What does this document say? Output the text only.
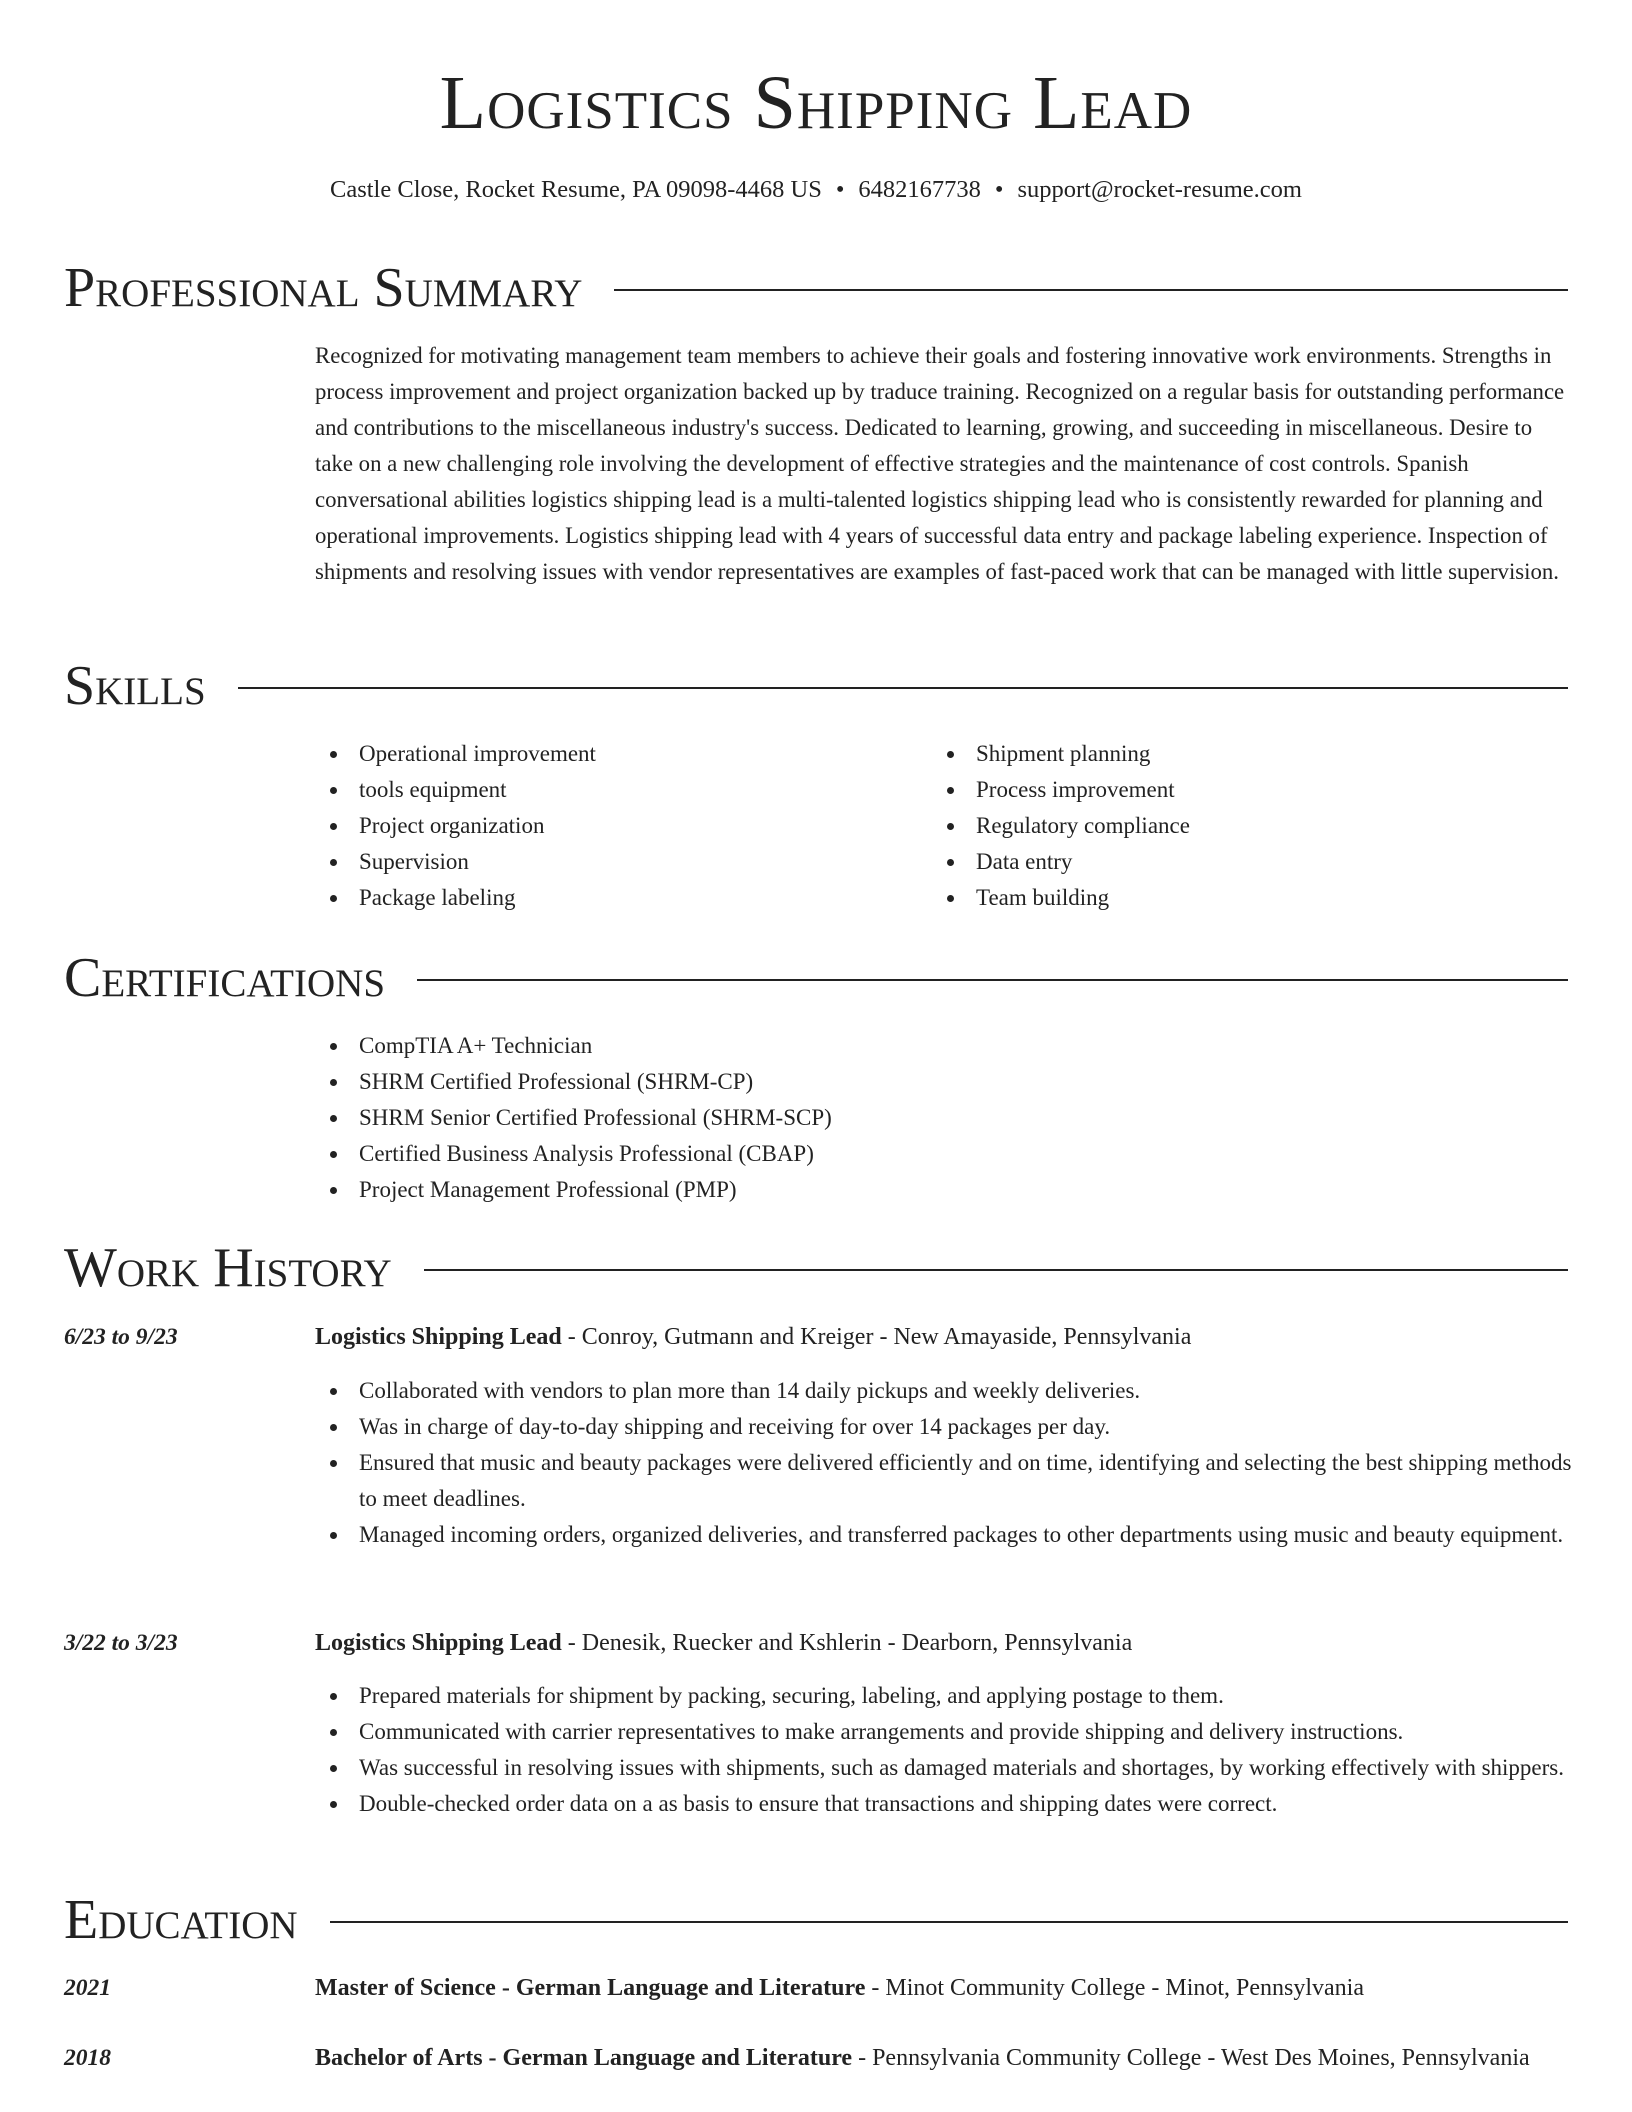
Logistics Shipping Lead
Castle Close, Rocket Resume, PA 09098-4468 US • 6482167738 • support@rocket-resume.com
Professional Summary
Recognized for motivating management team members to achieve their goals and fostering innovative work environments. Strengths in process improvement and project organization backed up by traduce training. Recognized on a regular basis for outstanding performance and contributions to the miscellaneous industry's success. Dedicated to learning, growing, and succeeding in miscellaneous. Desire to take on a new challenging role involving the development of effective strategies and the maintenance of cost controls. Spanish conversational abilities logistics shipping lead is a multi-talented logistics shipping lead who is consistently rewarded for planning and operational improvements. Logistics shipping lead with 4 years of successful data entry and package labeling experience. Inspection of shipments and resolving issues with vendor representatives are examples of fast-paced work that can be managed with little supervision.
Skills
Operational improvement
tools equipment
Project organization
Supervision
Package labeling
Shipment planning
Process improvement
Regulatory compliance
Data entry
Team building
Certifications
CompTIA A+ Technician
SHRM Certified Professional (SHRM-CP)
SHRM Senior Certified Professional (SHRM-SCP)
Certified Business Analysis Professional (CBAP)
Project Management Professional (PMP)
Work History
6/23 to 9/23	Logistics Shipping Lead - Conroy, Gutmann and Kreiger - New Amayaside, Pennsylvania
Collaborated with vendors to plan more than 14 daily pickups and weekly deliveries.
Was in charge of day-to-day shipping and receiving for over 14 packages per day.
Ensured that music and beauty packages were delivered efficiently and on time, identifying and selecting the best shipping methods to meet deadlines.
Managed incoming orders, organized deliveries, and transferred packages to other departments using music and beauty equipment.
3/22 to 3/23	Logistics Shipping Lead - Denesik, Ruecker and Kshlerin - Dearborn, Pennsylvania
Prepared materials for shipment by packing, securing, labeling, and applying postage to them.
Communicated with carrier representatives to make arrangements and provide shipping and delivery instructions.
Was successful in resolving issues with shipments, such as damaged materials and shortages, by working effectively with shippers.
Double-checked order data on a as basis to ensure that transactions and shipping dates were correct.
Education
2021	Master of Science - German Language and Literature - Minot Community College - Minot, Pennsylvania
2018	Bachelor of Arts - German Language and Literature - Pennsylvania Community College - West Des Moines, Pennsylvania
